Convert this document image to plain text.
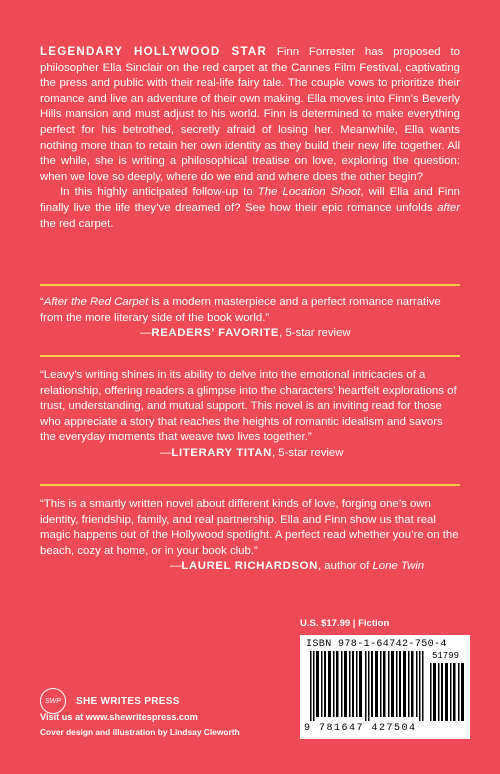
LEGENDARY HOLLYWOOD STAR Finn Forrester has proposed to philosopher Ella Sinclair on the red carpet at the Cannes Film Festival, captivating the press and public with their real-life fairy tale. The couple vows to prioritize their romance and live an adventure of their own making. Ella moves into Finn’s Beverly Hills mansion and must adjust to his world. Finn is determined to make everything perfect for his betrothed, secretly afraid of losing her. Meanwhile, Ella wants nothing more than to retain her own identity as they build their new life together. All the while, she is writing a philosophical treatise on love, exploring the question: when we love so deeply, where do we end and where does the other begin?

In this highly anticipated follow-up to The Location Shoot, will Ella and Finn finally live the life they’ve dreamed of? See how their epic romance unfolds after the red carpet.

“After the Red Carpet is a modern masterpiece and a perfect romance narrative from the more literary side of the book world.”

—READERS’ FAVORITE, 5-star review

“Leavy’s writing shines in its ability to delve into the emotional intricacies of a relationship, offering readers a glimpse into the characters’ heartfelt explorations of trust, understanding, and mutual support. This novel is an inviting read for those who appreciate a story that reaches the heights of romantic idealism and savors the everyday moments that weave two lives together.”

—LITERARY TITAN, 5-star review

“This is a smartly written novel about different kinds of love, forging one’s own identity, friendship, family, and real partnership. Ella and Finn show us that real magic happens out of the Hollywood spotlight. A perfect read whether you’re on the beach, cozy at home, or in your book club.”

—LAUREL RICHARDSON, author of Lone Twin

U.S. $17.99 | Fiction
ISBN 978-1-64742-750-4
51799
9 781647 427504
SWP	SHE WRITES PRESS
Visit us at www.shewritespress.com
Cover design and illustration by Lindsay Cleworth
